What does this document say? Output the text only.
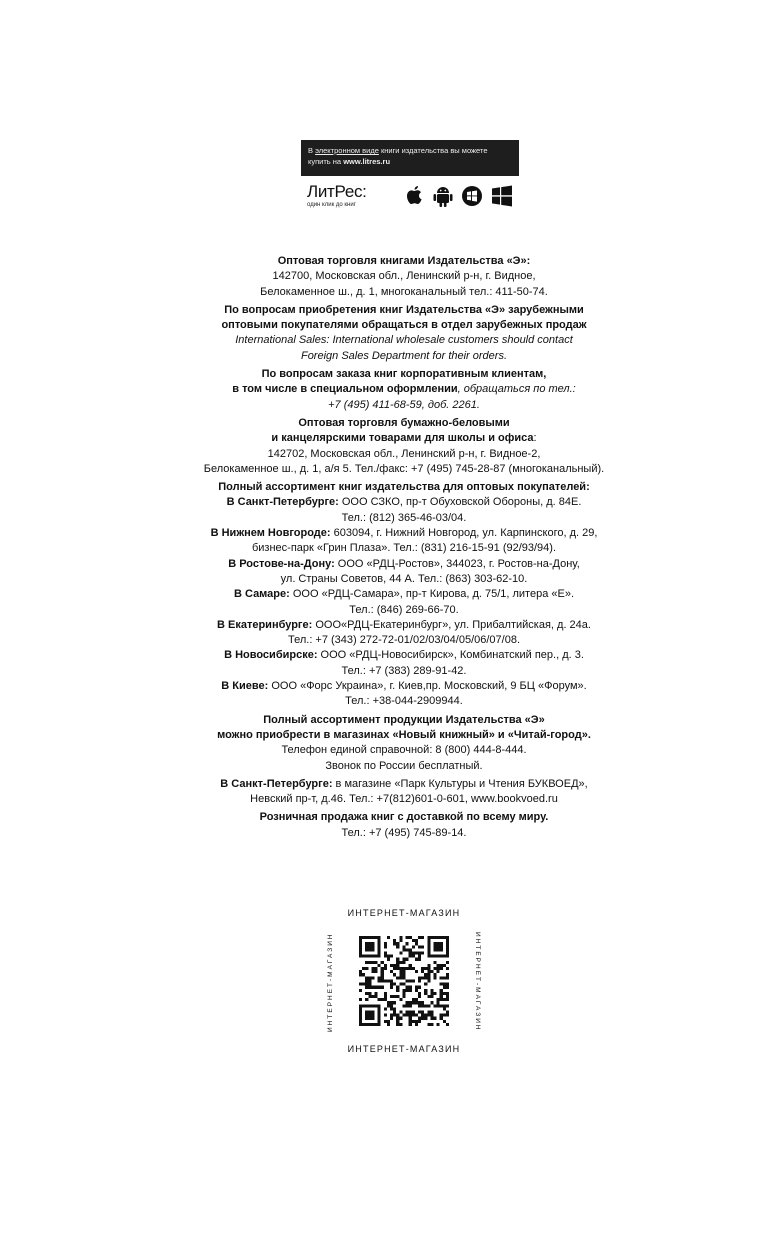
В электронном виде книги издательства вы можете
купить на www.litres.ru
ЛитРес:
один клик до книг

Оптовая торговля книгами Издательства «Э»:

142700, Московская обл., Ленинский р-н, г. Видное,

Белокаменное ш., д. 1, многоканальный тел.: 411-50-74.

По вопросам приобретения книг Издательства «Э» зарубежными

оптовыми покупателями обращаться в отдел зарубежных продаж

International Sales: International wholesale customers should contact

Foreign Sales Department for their orders.

По вопросам заказа книг корпоративным клиентам,

в том числе в специальном оформлении, обращаться по тел.:

+7 (495) 411-68-59, доб. 2261.

Оптовая торговля бумажно-беловыми

и канцелярскими товарами для школы и офиса:

142702, Московская обл., Ленинский р-н, г. Видное-2,

Белокаменное ш., д. 1, а/я 5. Тел./факс: +7 (495) 745-28-87 (многоканальный).

Полный ассортимент книг издательства для оптовых покупателей:

В Санкт-Петербурге: ООО СЗКО, пр-т Обуховской Обороны, д. 84Е.

Тел.: (812) 365-46-03/04.

В Нижнем Новгороде: 603094, г. Нижний Новгород, ул. Карпинского, д. 29,

бизнес-парк «Грин Плаза». Тел.: (831) 216-15-91 (92/93/94).

В Ростове-на-Дону: ООО «РДЦ-Ростов», 344023, г. Ростов-на-Дону,

ул. Страны Советов, 44 А. Тел.: (863) 303-62-10.

В Самаре: ООО «РДЦ-Самара», пр-т Кирова, д. 75/1, литера «Е».

Тел.: (846) 269-66-70.

В Екатеринбурге: ООО«РДЦ-Екатеринбург», ул. Прибалтийская, д. 24а.

Тел.: +7 (343) 272-72-01/02/03/04/05/06/07/08.

В Новосибирске: ООО «РДЦ-Новосибирск», Комбинатский пер., д. 3.

Тел.: +7 (383) 289-91-42.

В Киеве: ООО «Форс Украина», г. Киев,пр. Московский, 9 БЦ «Форум».

Тел.: +38-044-2909944.

Полный ассортимент продукции Издательства «Э»

можно приобрести в магазинах «Новый книжный» и «Читай-город».

Телефон единой справочной: 8 (800) 444-8-444.

Звонок по России бесплатный.

В Санкт-Петербурге: в магазине «Парк Культуры и Чтения БУКВОЕД»,

Невский пр-т, д.46. Тел.: +7(812)601-0-601, www.bookvoed.ru

Розничная продажа книг с доставкой по всему миру.

Тел.: +7 (495) 745-89-14.

ИНТЕРНЕТ-МАГАЗИН
ИНТЕРНЕТ-МАГАЗИН
ИНТЕРНЕТ-МАГАЗИН	ИНТЕРНЕТ-МАГАЗИН
